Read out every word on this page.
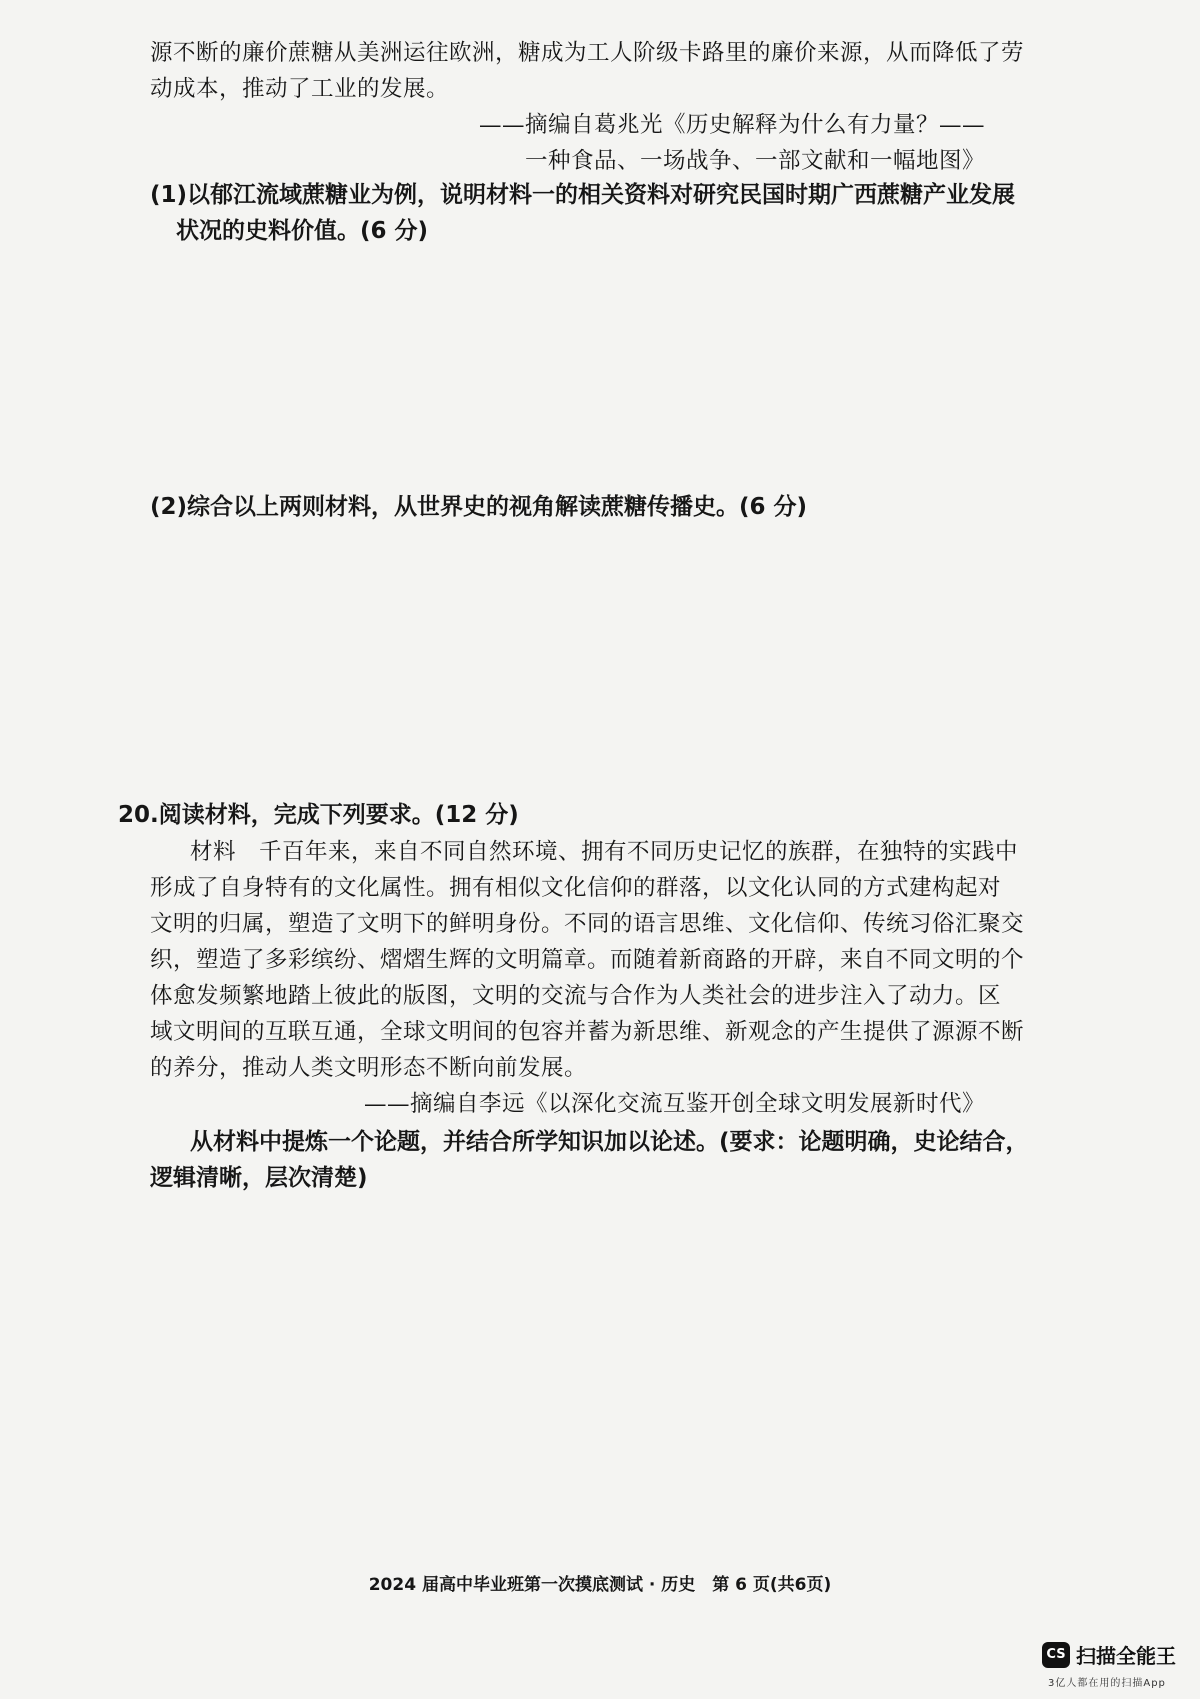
源不断的廉价蔗糖从美洲运往欧洲，糖成为工人阶级卡路里的廉价来源，从而降低了劳
动成本，推动了工业的发展。
——摘编自葛兆光《历史解释为什么有力量？——
一种食品、一场战争、一部文献和一幅地图》
(1)以郁江流域蔗糖业为例，说明材料一的相关资料对研究民国时期广西蔗糖产业发展
状况的史料价值。(6 分)
(2)综合以上两则材料，从世界史的视角解读蔗糖传播史。(6 分)
20.阅读材料，完成下列要求。(12 分)
材料　千百年来，来自不同自然环境、拥有不同历史记忆的族群，在独特的实践中
形成了自身特有的文化属性。拥有相似文化信仰的群落，以文化认同的方式建构起对
文明的归属，塑造了文明下的鲜明身份。不同的语言思维、文化信仰、传统习俗汇聚交
织，塑造了多彩缤纷、熠熠生辉的文明篇章。而随着新商路的开辟，来自不同文明的个
体愈发频繁地踏上彼此的版图，文明的交流与合作为人类社会的进步注入了动力。区
域文明间的互联互通，全球文明间的包容并蓄为新思维、新观念的产生提供了源源不断
的养分，推动人类文明形态不断向前发展。
——摘编自李远《以深化交流互鉴开创全球文明发展新时代》
从材料中提炼一个论题，并结合所学知识加以论述。(要求：论题明确，史论结合，
逻辑清晰，层次清楚)
2024 届高中毕业班第一次摸底测试 · 历史　第 6 页(共6页)
CS 扫描全能王
3亿人都在用的扫描App
